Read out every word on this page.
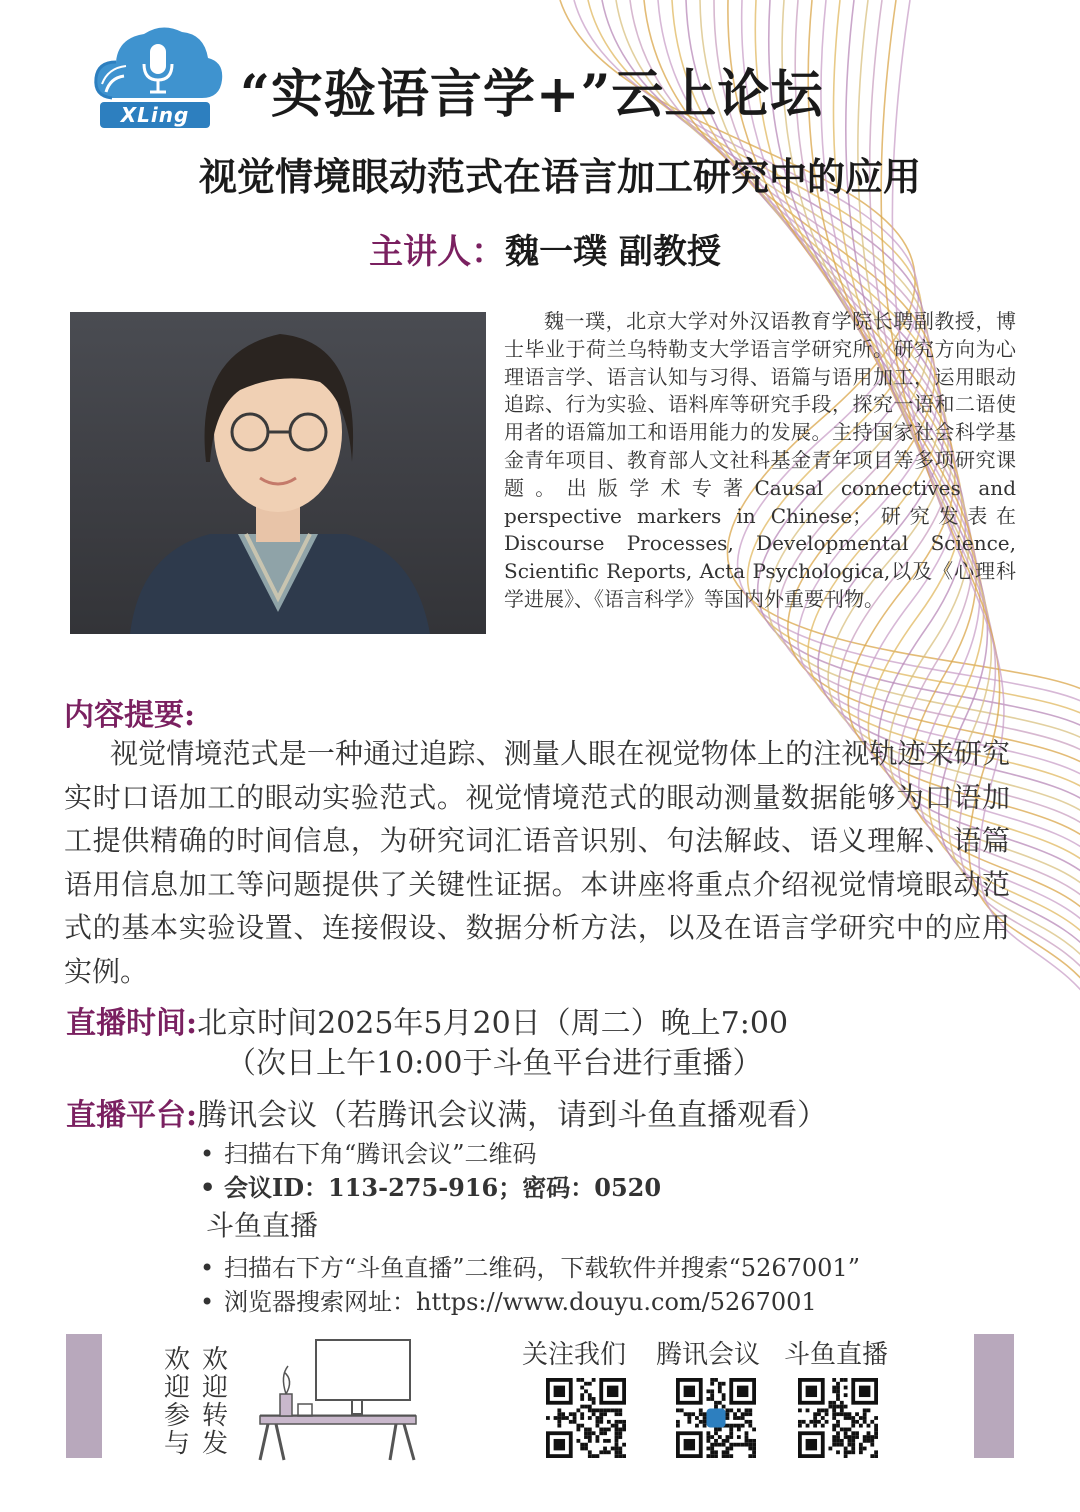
XLing “实验语言学+”云上论坛
视觉情境眼动范式在语言加工研究中的应用
主讲人：魏一璞 副教授
魏一璞，北京大学对外汉语教育学院长聘副教授，博士毕业于荷兰乌特勒支大学语言学研究所。研究方向为心理语言学、语言认知与习得、语篇与语用加工，运用眼动追踪、行为实验、语料库等研究手段，探究一语和二语使用者的语篇加工和语用能力的发展。主持国家社会科学基金青年项目、教育部人文社科基金青年项目等多项研究课题。出版学术专著Causal connectives and perspective markers in Chinese；研究发表在Discourse Processes, Developmental Science, Scientific Reports, Acta Psychologica,以及《心理科学进展》、《语言科学》等国内外重要刊物。
内容提要:
视觉情境范式是一种通过追踪、测量人眼在视觉物体上的注视轨迹来研究实时口语加工的眼动实验范式。视觉情境范式的眼动测量数据能够为口语加工提供精确的时间信息，为研究词汇语音识别、句法解歧、语义理解、语篇语用信息加工等问题提供了关键性证据。本讲座将重点介绍视觉情境眼动范式的基本实验设置、连接假设、数据分析方法，以及在语言学研究中的应用实例。
直播时间:北京时间2025年5月20日（周二）晚上7:00
（次日上午10:00于斗鱼平台进行重播）
直播平台:腾讯会议（若腾讯会议满，请到斗鱼直播观看）
• 扫描右下角“腾讯会议”二维码
• 会议ID：113-275-916；密码：0520
斗鱼直播
• 扫描右下方“斗鱼直播”二维码，下载软件并搜索“5267001”
• 浏览器搜索网址：https://www.douyu.com/5267001
欢迎参与
欢迎转发
关注我们 腾讯会议 斗鱼直播
